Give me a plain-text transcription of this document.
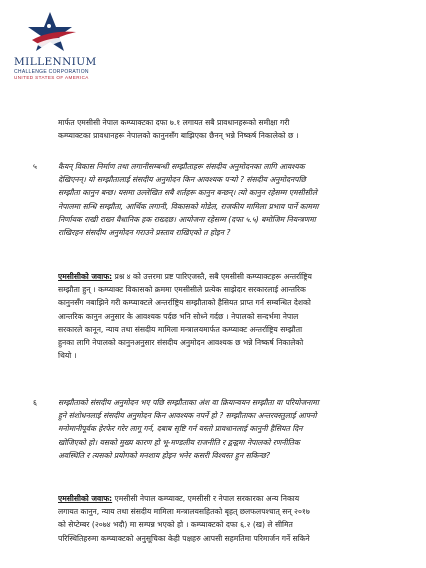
MILLENNIUM
CHALLENGE CORPORATION
UNITED STATES OF AMERICA
मार्फत एमसीसी नेपाल कम्प्याक्टका दफा ७.१ लगायत सबै प्रावधानहरूको समीक्षा गरी
कम्प्याक्टका प्रावधानहरू नेपालको कानुनसँग बाझिएका छैनन् भन्ने निष्कर्ष निकालेको छ ।
५	कैयन् विकास निर्माण तथा लगानीसम्बन्धी सम्झौताहरू संसदीय अनुमोदनका लागि आवश्यक
देखिएनन्। यो सम्झौतालाई संसदीय अनुमोदन किन आवश्यक पऱ्यो ? संसदीय अनुमोदनपछि
सम्झौता कानुन बन्छ। यसमा उल्लेखित सबै शर्तहरू कानुन बन्छन्। त्यो कानुन रहेसम्म एमसीसीले
नेपालमा सन्धि सम्झौता, आर्थिक लगानी, विकासको मोडेल, राजकीय मामिला प्रभाव पार्ने काममा
निर्णायक राखी राख्न वैधानिक हक राख्दछ। आयोजना रहेसम्म (दफा ५.५) बमोजिम नियन्त्रणमा
राखिरहन संसदीय अनुमोदन गराउने प्रस्ताव राखिएको त होइन ?
एमसीसीको जवाफ: प्रश्न ४ को उत्तरमा प्रष्ट पारिएजस्तै, सबै एमसीसी कम्प्याक्टहरू अन्तर्राष्ट्रिय
सम्झौता हुन् । कम्प्याक्ट विकासको क्रममा एमसीसीले प्रत्येक साझेदार सरकारलाई आन्तरिक
कानुनसँग नबाझिने गरी कम्प्याक्टले अन्तर्राष्ट्रिय सम्झौताको हैसियत प्राप्त गर्न सम्बन्धित देशको
आन्तरिक कानुन अनुसार के आवश्यक पर्दछ भनि सोध्ने गर्दछ । नेपालको सन्दर्भमा नेपाल
सरकारले कानून, न्याय तथा संसदीय मामिला मन्त्रालयमार्फत कम्प्याक्ट अन्तर्राष्ट्रिय सम्झौता
हुनका लागि नेपालको कानुनअनुसार संसदीय अनुमोदन आवश्यक छ भन्ने निष्कर्ष निकालेको
थियो ।
६	सम्झौताको संसदीय अनुमोदन भए पछि सम्झौताका अंश वा क्रियान्वयन सम्झौता वा परियोजनामा
हुने संशोधनलाई संसदीय अनुमोदन किन आवश्यक नपर्ने हो ? सम्झौताका अन्तरवस्तुलाई आफ्नो
मनोमानीपूर्वक हेरफेर गरेर लागू गर्न, दबाब सृष्टि गर्न यस्तो प्रावधानलाई कानुनी हैसियत दिन
खोजिएको हो। यसको मुख्य कारण हो भू-मण्डलीय राजनीति र द्वन्द्वमा नेपालको रणनीतिक
अवस्थिति र त्यसको प्रयोगको मनशाय होइन भनेर कसरी विश्वस्त हुन सकिन्छ?
एमसीसीको जवाफ: एमसीसी नेपाल कम्प्याक्ट, एमसीसी र नेपाल सरकारका अन्य निकाय
लगायत कानुन, न्याय तथा संसदीय मामिला मन्त्रालयसहितको बृहत् छलफलपश्चात् सन् २०१७
को सेप्टेम्बर (२०७४ भदौ) मा सम्पन्न भएको हो । कम्प्याक्टको दफा ६.२ (ख) ले सीमित
परिस्थितिहरुमा कम्प्याक्टको अनुसूचिका केही पक्षहरु आपसी सहमतिमा परिमार्जन गर्ने सकिने
